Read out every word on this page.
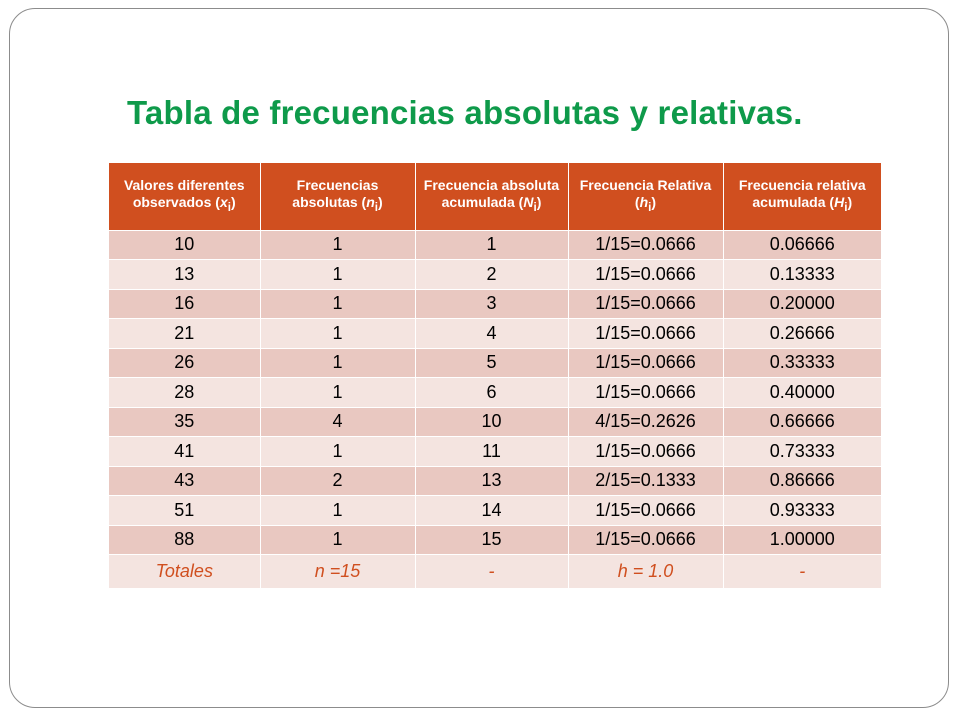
Tabla de frecuencias absolutas y relativas.
Valores diferentes observados $(x_i)$	Frecuencias absolutas $(n_i)$	Frecuencia absoluta acumulada $(N_i)$	Frecuencia Relativa $(h_i)$	Frecuencia relativa acumulada $(H_i)$
10	1	1	1/15=0.0666	0.06666
13	1	2	1/15=0.0666	0.13333
16	1	3	1/15=0.0666	0.20000
21	1	4	1/15=0.0666	0.26666
26	1	5	1/15=0.0666	0.33333
28	1	6	1/15=0.0666	0.40000
35	4	10	4/15=0.2626	0.66666
41	1	11	1/15=0.0666	0.73333
43	2	13	2/15=0.1333	0.86666
51	1	14	1/15=0.0666	0.93333
88	1	15	1/15=0.0666	1.00000
Totales	n =15	-	h = 1.0	-
